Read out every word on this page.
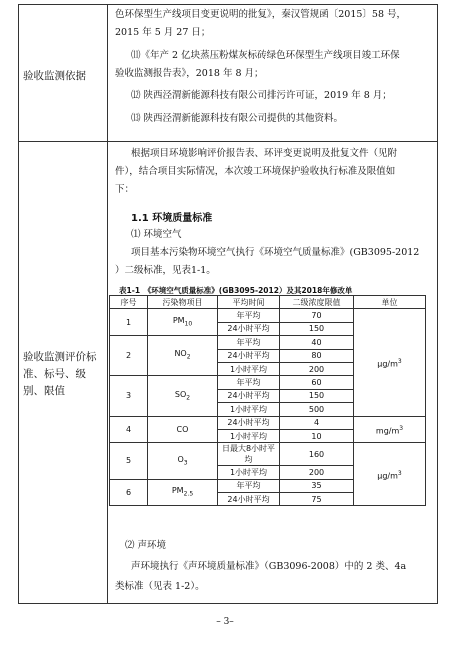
验收监测依据
色环保型生产线项目变更说明的批复》，秦汉管规函〔2015〕58 号，
2015 年 5 月 27 日；
⑾《年产 2 亿块蒸压粉煤灰标砖绿色环保型生产线项目竣工环保
验收监测报告表》，2018 年 8 月；
⑿ 陕西泾渭新能源科技有限公司排污许可证，2019 年 8 月；
⒀ 陕西泾渭新能源科技有限公司提供的其他资料。
验收监测评价标准、标号、级别、限值
根据项目环境影响评价报告表、环评变更说明及批复文件（见附
件），结合项目实际情况，本次竣工环境保护验收执行标准及限值如
下：
1.1 环境质量标准
⑴ 环境空气
项目基本污染物环境空气执行《环境空气质量标准》(GB3095-2012
）二级标准，见表1-1。
表1-1　《环境空气质量标准》(GB3095-2012）及其2018年修改单
序号	污染物项目	平均时间	二级浓度限值	单位
1	$PM_{10}$	年平均	70	$\mu g/m^3$
		24小时平均	150	
2	$NO_2$	年平均	40	
		24小时平均	80	
		1小时平均	200	
3	$SO_2$	年平均	60	
		24小时平均	150	
		1小时平均	500	
4	CO	24小时平均	4	$mg/m^3$
		1小时平均	10	
5	$O_3$	日最大8小时平均	160	$\mu g/m^3$
		1小时平均	200	
6	$PM_{2.5}$	年平均	35	
		24小时平均	75	
⑵ 声环境
声环境执行《声环境质量标准》（GB3096-2008）中的 2 类、4a
类标准（见表 1-2）。
– 3–
